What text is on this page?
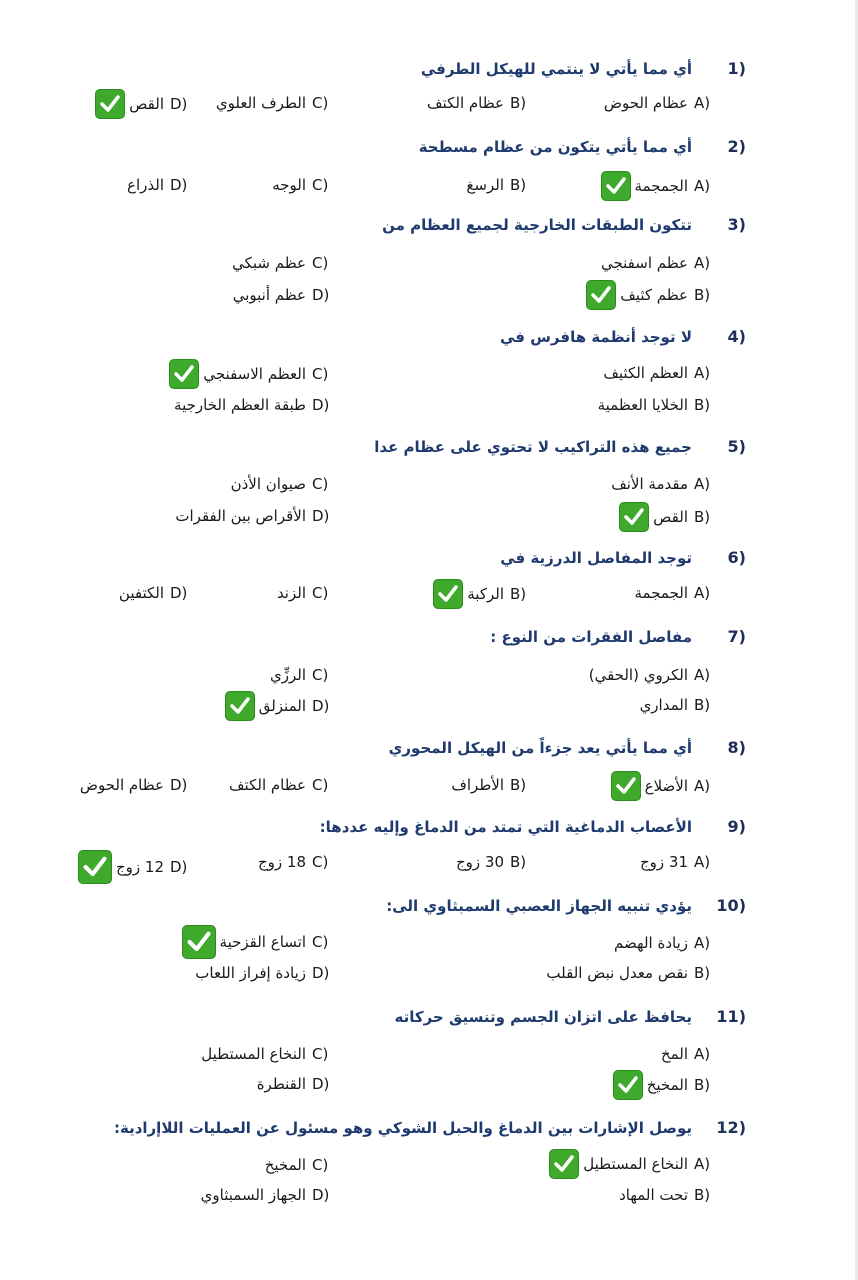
1)
أي مما يأتي لا ينتمي للهيكل الطرفي
عظام الحوض A)
عظام الكتف B)
الطرف العلوي C)
القص D)
2)
أي مما يأتي يتكون من عظام مسطحة
الجمجمة A)
الرسغ B)
الوجه C)
الذراع D)
3)
تتكون الطبقات الخارجية لجميع العظام من
عظم اسفنجي A)
عظم كثيف B)
عظم شبكي C)
عظم أنبوبي D)
4)
لا توجد أنظمة هافرس في
العظم الكثيف A)
الخلايا العظمية B)
العظم الاسفنجي C)
طبقة العظم الخارجية D)
5)
جميع هذه التراكيب لا تحتوي على عظام عدا
مقدمة الأنف A)
القص B)
صيوان الأذن C)
الأقراص بين الفقرات D)
6)
توجد المفاصل الدرزية في
الجمجمة A)
الركبة B)
الزند C)
الكتفين D)
7)
مفاصل الفقرات من النوع :
الكروي (الحقي) A)
المداري B)
الرزِّي C)
المنزلق D)
8)
أي مما يأتي يعد جزءاً من الهيكل المحوري
الأضلاع A)
الأطراف B)
عظام الكتف C)
عظام الحوض D)
9)
الأعصاب الدماغية التي تمتد من الدماغ وإليه عددها:
31 زوج A)
30 زوج B)
18 زوج C)
12 زوج D)
10)
يؤدي تنبيه الجهاز العصبي السمبثاوي الى:
زيادة الهضم A)
نقص معدل نبض القلب B)
اتساع القزحية C)
زيادة إفراز اللعاب D)
11)
يحافظ على اتزان الجسم وتنسيق حركاته
المخ A)
المخيخ B)
النخاع المستطيل C)
القنطرة D)
12)
يوصل الإشارات بين الدماغ والحبل الشوكي وهو مسئول عن العمليات اللاإرادية:
النخاع المستطيل A)
تحت المهاد B)
المخيخ C)
الجهاز السمبثاوي D)
